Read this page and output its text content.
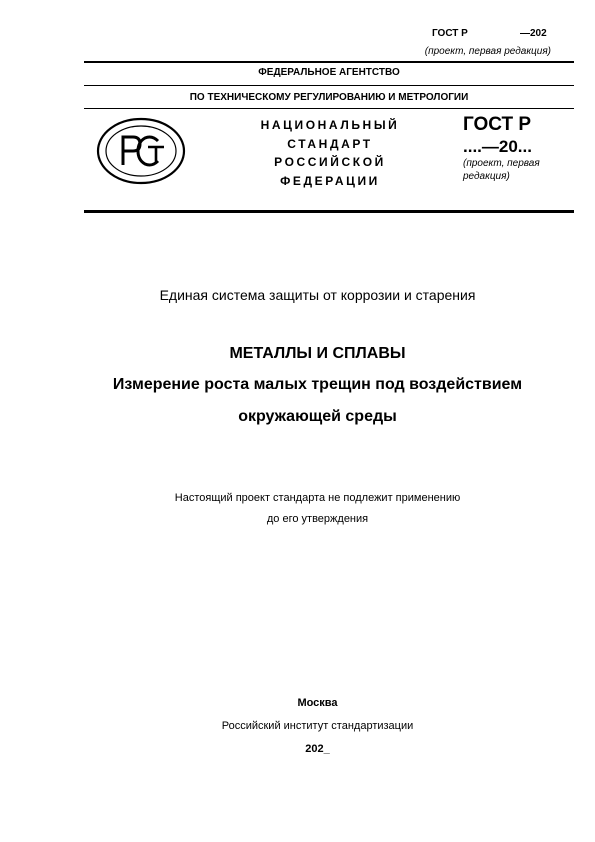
ГОСТ Р	—202
(проект, первая редакция)
ФЕДЕРАЛЬНОЕ АГЕНТСТВО
ПО ТЕХНИЧЕСКОМУ РЕГУЛИРОВАНИЮ И МЕТРОЛОГИИ
НАЦИОНАЛЬНЫЙ
СТАНДАРТ
РОССИЙСКОЙ
ФЕДЕРАЦИИ
ГОСТ Р
....—20...
(проект, первая
редакция)
Единая система защиты от коррозии и старения
МЕТАЛЛЫ И СПЛАВЫ
Измерение роста малых трещин под воздействием
окружающей среды
Настоящий проект стандарта не подлежит применению
до его утверждения
Москва
Российский институт стандартизации
202_
